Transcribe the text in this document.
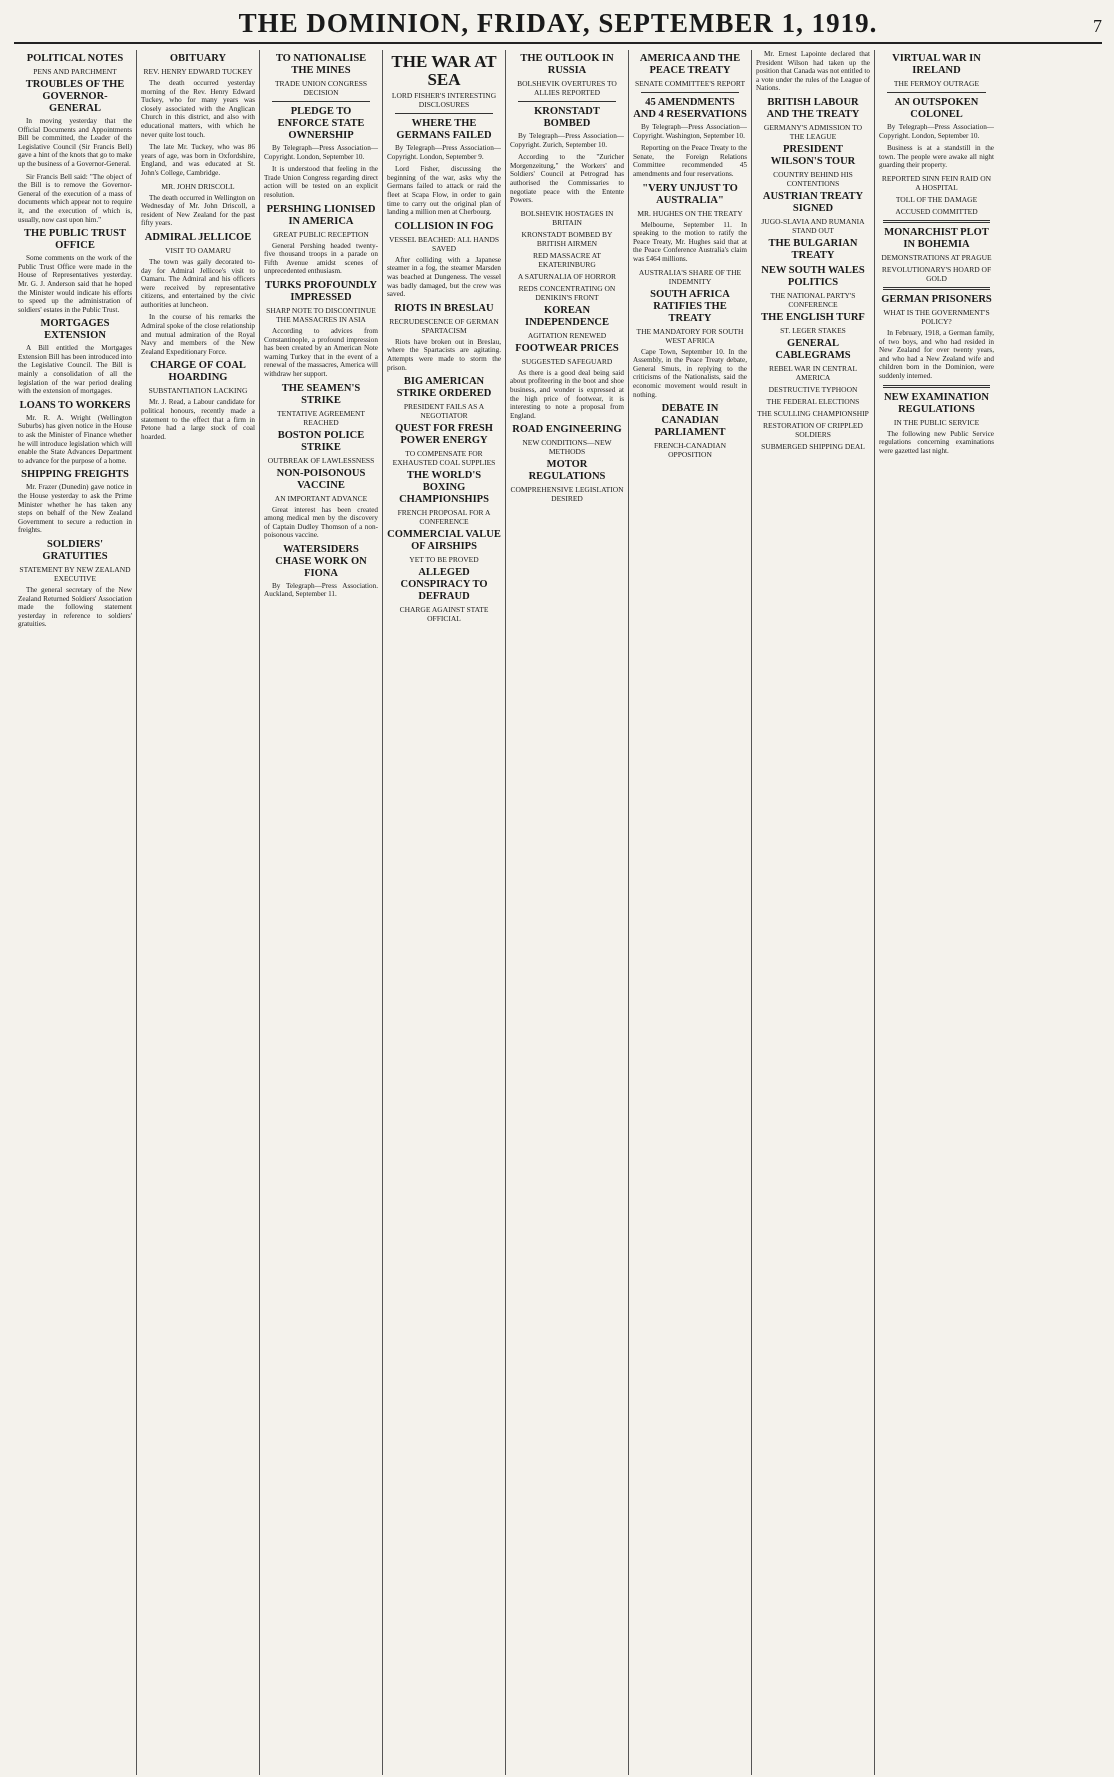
THE DOMINION, FRIDAY, SEPTEMBER 1, 1919.	7
POLITICAL NOTES
PENS AND PARCHMENT
TROUBLES OF THE GOVERNOR-GENERAL
In moving yesterday that the Official Documents and Appointments Bill be committed, the Leader of the Legislative Council (Sir Francis Bell) gave a hint of the knots that go to make up the business of a Governor-General.
Sir Francis Bell said: "The object of the Bill is to remove the Governor-General of the execution of a mass of documents which appear not to require it, and the execution of which is, usually, now cast upon him."
THE PUBLIC TRUST OFFICE
Some comments on the work of the Public Trust Office were made in the House of Representatives yesterday. Mr. G. J. Anderson said that he hoped the Minister would indicate his efforts to speed up the administration of soldiers' estates in the Public Trust.
MORTGAGES EXTENSION
A Bill entitled the Mortgages Extension Bill has been introduced into the Legislative Council. The Bill is mainly a consolidation of all the legislation of the war period dealing with the extension of mortgages.
LOANS TO WORKERS
Mr. R. A. Wright (Wellington Suburbs) has given notice in the House to ask the Minister of Finance whether he will introduce legislation which will enable the State Advances Department to advance for the purpose of a home.
SHIPPING FREIGHTS
Mr. Frazer (Dunedin) gave notice in the House yesterday to ask the Prime Minister whether he has taken any steps on behalf of the New Zealand Government to secure a reduction in freights.
SOLDIERS' GRATUITIES
STATEMENT BY NEW ZEALAND EXECUTIVE
The general secretary of the New Zealand Returned Soldiers' Association made the following statement yesterday in reference to soldiers' gratuities.
OBITUARY
REV. HENRY EDWARD TUCKEY
The death occurred yesterday morning of the Rev. Henry Edward Tuckey, who for many years was closely associated with the Anglican Church in this district, and also with educational matters, with which he never quite lost touch.
The late Mr. Tuckey, who was 86 years of age, was born in Oxfordshire, England, and was educated at St. John's College, Cambridge.
MR. JOHN DRISCOLL
The death occurred in Wellington on Wednesday of Mr. John Driscoll, a resident of New Zealand for the past fifty years.
ADMIRAL JELLICOE
VISIT TO OAMARU
The town was gaily decorated to-day for Admiral Jellicoe's visit to Oamaru. The Admiral and his officers were received by representative citizens, and entertained by the civic authorities at luncheon.
In the course of his remarks the Admiral spoke of the close relationship and mutual admiration of the Royal Navy and members of the New Zealand Expeditionary Force.
CHARGE OF COAL HOARDING
SUBSTANTIATION LACKING
Mr. J. Read, a Labour candidate for political honours, recently made a statement to the effect that a firm in Petone had a large stock of coal hoarded.
TO NATIONALISE THE MINES
TRADE UNION CONGRESS DECISION
PLEDGE TO ENFORCE STATE OWNERSHIP
By Telegraph—Press Association—Copyright. London, September 10.
It is understood that feeling in the Trade Union Congress regarding direct action will be tested on an explicit resolution.
PERSHING LIONISED IN AMERICA
GREAT PUBLIC RECEPTION
General Pershing headed twenty-five thousand troops in a parade on Fifth Avenue amidst scenes of unprecedented enthusiasm.
TURKS PROFOUNDLY IMPRESSED
SHARP NOTE TO DISCONTINUE THE MASSACRES IN ASIA
According to advices from Constantinople, a profound impression has been created by an American Note warning Turkey that in the event of a renewal of the massacres, America will withdraw her support.
THE SEAMEN'S STRIKE
TENTATIVE AGREEMENT REACHED
BOSTON POLICE STRIKE
OUTBREAK OF LAWLESSNESS
NON-POISONOUS VACCINE
AN IMPORTANT ADVANCE
Great interest has been created among medical men by the discovery of Captain Dudley Thomson of a non-poisonous vaccine.
WATERSIDERS CHASE WORK ON FIONA
By Telegraph—Press Association. Auckland, September 11.
THE WAR AT SEA
LORD FISHER'S INTERESTING DISCLOSURES
WHERE THE GERMANS FAILED
By Telegraph—Press Association—Copyright. London, September 9.
Lord Fisher, discussing the beginning of the war, asks why the Germans failed to attack or raid the fleet at Scapa Flow, in order to gain time to carry out the original plan of landing a million men at Cherbourg.
COLLISION IN FOG
VESSEL BEACHED: ALL HANDS SAVED
After colliding with a Japanese steamer in a fog, the steamer Marsden was beached at Dungeness. The vessel was badly damaged, but the crew was saved.
RIOTS IN BRESLAU
RECRUDESCENCE OF GERMAN SPARTACISM
Riots have broken out in Breslau, where the Spartacists are agitating. Attempts were made to storm the prison.
BIG AMERICAN STRIKE ORDERED
PRESIDENT FAILS AS A NEGOTIATOR
QUEST FOR FRESH POWER ENERGY
TO COMPENSATE FOR EXHAUSTED COAL SUPPLIES
THE WORLD'S BOXING CHAMPIONSHIPS
FRENCH PROPOSAL FOR A CONFERENCE
COMMERCIAL VALUE OF AIRSHIPS
YET TO BE PROVED
ALLEGED CONSPIRACY TO DEFRAUD
CHARGE AGAINST STATE OFFICIAL
THE OUTLOOK IN RUSSIA
BOLSHEVIK OVERTURES TO ALLIES REPORTED
KRONSTADT BOMBED
By Telegraph—Press Association—Copyright. Zurich, September 10.
According to the "Zuricher Morgenzeitung," the Workers' and Soldiers' Council at Petrograd has authorised the Commissaries to negotiate peace with the Entente Powers.
BOLSHEVIK HOSTAGES IN BRITAIN
KRONSTADT BOMBED BY BRITISH AIRMEN
RED MASSACRE AT EKATERINBURG
A SATURNALIA OF HORROR
REDS CONCENTRATING ON DENIKIN'S FRONT
KOREAN INDEPENDENCE
AGITATION RENEWED
FOOTWEAR PRICES
SUGGESTED SAFEGUARD
As there is a good deal being said about profiteering in the boot and shoe business, and wonder is expressed at the high price of footwear, it is interesting to note a proposal from England.
ROAD ENGINEERING
NEW CONDITIONS—NEW METHODS
MOTOR REGULATIONS
COMPREHENSIVE LEGISLATION DESIRED
AMERICA AND THE PEACE TREATY
SENATE COMMITTEE'S REPORT
45 AMENDMENTS AND 4 RESERVATIONS
By Telegraph—Press Association—Copyright. Washington, September 10.
Reporting on the Peace Treaty to the Senate, the Foreign Relations Committee recommended 45 amendments and four reservations.
"VERY UNJUST TO AUSTRALIA"
MR. HUGHES ON THE TREATY
Melbourne, September 11. In speaking to the motion to ratify the Peace Treaty, Mr. Hughes said that at the Peace Conference Australia's claim was £464 millions.
AUSTRALIA'S SHARE OF THE INDEMNITY
SOUTH AFRICA RATIFIES THE TREATY
THE MANDATORY FOR SOUTH WEST AFRICA
Cape Town, September 10. In the Assembly, in the Peace Treaty debate, General Smuts, in replying to the criticisms of the Nationalists, said the economic movement would result in nothing.
DEBATE IN CANADIAN PARLIAMENT
FRENCH-CANADIAN OPPOSITION
Mr. Ernest Lapointe declared that President Wilson had taken up the position that Canada was not entitled to a vote under the rules of the League of Nations.
BRITISH LABOUR AND THE TREATY
GERMANY'S ADMISSION TO THE LEAGUE
PRESIDENT WILSON'S TOUR
COUNTRY BEHIND HIS CONTENTIONS
AUSTRIAN TREATY SIGNED
JUGO-SLAVIA AND RUMANIA STAND OUT
THE BULGARIAN TREATY
NEW SOUTH WALES POLITICS
THE NATIONAL PARTY'S CONFERENCE
THE ENGLISH TURF
ST. LEGER STAKES
GENERAL CABLEGRAMS
REBEL WAR IN CENTRAL AMERICA
DESTRUCTIVE TYPHOON
THE FEDERAL ELECTIONS
THE SCULLING CHAMPIONSHIP
RESTORATION OF CRIPPLED SOLDIERS
SUBMERGED SHIPPING DEAL
VIRTUAL WAR IN IRELAND
THE FERMOY OUTRAGE
AN OUTSPOKEN COLONEL
By Telegraph—Press Association—Copyright. London, September 10.
Business is at a standstill in the town. The people were awake all night guarding their property.
REPORTED SINN FEIN RAID ON A HOSPITAL
TOLL OF THE DAMAGE
ACCUSED COMMITTED
MONARCHIST PLOT IN BOHEMIA
DEMONSTRATIONS AT PRAGUE
REVOLUTIONARY'S HOARD OF GOLD
GERMAN PRISONERS
WHAT IS THE GOVERNMENT'S POLICY?
In February, 1918, a German family, of two boys, and who had resided in New Zealand for over twenty years, and who had a New Zealand wife and children born in the Dominion, were suddenly interned.
NEW EXAMINATION REGULATIONS
IN THE PUBLIC SERVICE
The following new Public Service regulations concerning examinations were gazetted last night.
